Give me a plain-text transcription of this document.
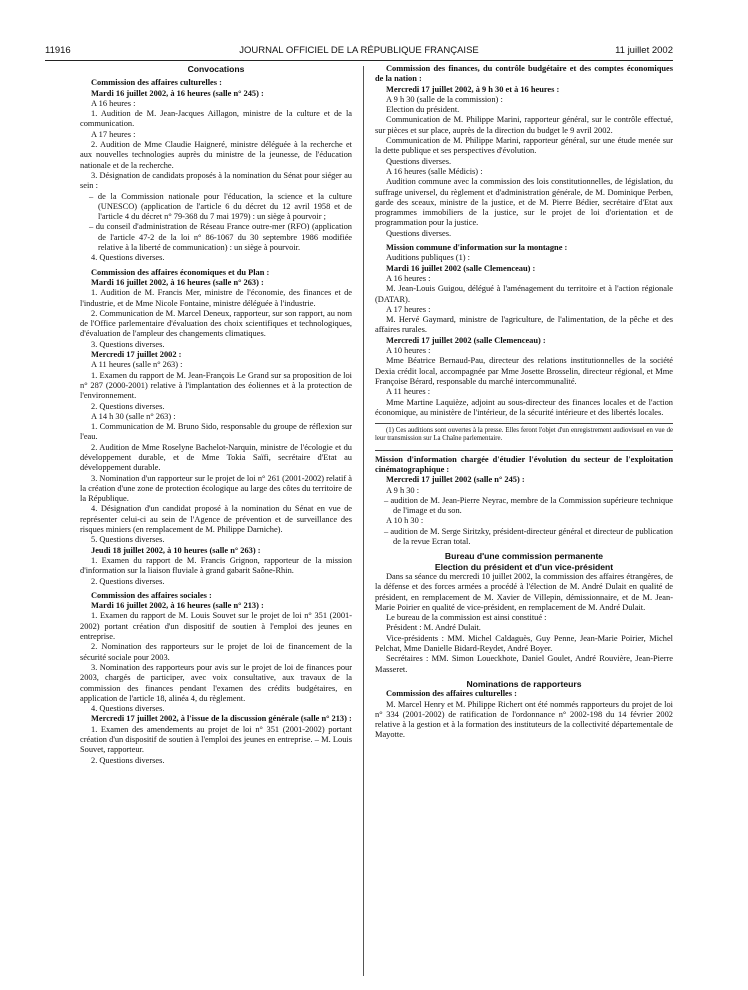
11916	JOURNAL OFFICIEL DE LA RÉPUBLIQUE FRANÇAISE	11 juillet 2002

Convocations

Commission des affaires culturelles :

Mardi 16 juillet 2002, à 16 heures (salle n° 245) :

A 16 heures :

1. Audition de M. Jean-Jacques Aillagon, ministre de la culture et de la communication.

A 17 heures :

2. Audition de Mme Claudie Haigneré, ministre déléguée à la recherche et aux nouvelles technologies auprès du ministre de la jeunesse, de l'éducation nationale et de la recherche.

3. Désignation de candidats proposés à la nomination du Sénat pour siéger au sein :

– de la Commission nationale pour l'éducation, la science et la culture (UNESCO) (application de l'article 6 du décret du 12 avril 1958 et de l'article 4 du décret n° 79-368 du 7 mai 1979) : un siège à pourvoir ;

– du conseil d'administration de Réseau France outre-mer (RFO) (application de l'article 47-2 de la loi n° 86-1067 du 30 septembre 1986 modifiée relative à la liberté de communication) : un siège à pourvoir.

4. Questions diverses.

Commission des affaires économiques et du Plan :

Mardi 16 juillet 2002, à 16 heures (salle n° 263) :

1. Audition de M. Francis Mer, ministre de l'économie, des finances et de l'industrie, et de Mme Nicole Fontaine, ministre déléguée à l'industrie.

2. Communication de M. Marcel Deneux, rapporteur, sur son rapport, au nom de l'Office parlementaire d'évaluation des choix scientifiques et technologiques, d'évaluation de l'ampleur des changements climatiques.

3. Questions diverses.

Mercredi 17 juillet 2002 :

A 11 heures (salle n° 263) :

1. Examen du rapport de M. Jean-François Le Grand sur sa proposition de loi n° 287 (2000-2001) relative à l'implantation des éoliennes et à la protection de l'environnement.

2. Questions diverses.

A 14 h 30 (salle n° 263) :

1. Communication de M. Bruno Sido, responsable du groupe de réflexion sur l'eau.

2. Audition de Mme Roselyne Bachelot-Narquin, ministre de l'écologie et du développement durable, et de Mme Tokia Saïfi, secrétaire d'Etat au développement durable.

3. Nomination d'un rapporteur sur le projet de loi n° 261 (2001-2002) relatif à la création d'une zone de protection écologique au large des côtes du territoire de la République.

4. Désignation d'un candidat proposé à la nomination du Sénat en vue de représenter celui-ci au sein de l'Agence de prévention et de surveillance des risques miniers (en remplacement de M. Philippe Darniche).

5. Questions diverses.

Jeudi 18 juillet 2002, à 10 heures (salle n° 263) :

1. Examen du rapport de M. Francis Grignon, rapporteur de la mission d'information sur la liaison fluviale à grand gabarit Saône-Rhin.

2. Questions diverses.

Commission des affaires sociales :

Mardi 16 juillet 2002, à 16 heures (salle n° 213) :

1. Examen du rapport de M. Louis Souvet sur le projet de loi n° 351 (2001-2002) portant création d'un dispositif de soutien à l'emploi des jeunes en entreprise.

2. Nomination des rapporteurs sur le projet de loi de financement de la sécurité sociale pour 2003.

3. Nomination des rapporteurs pour avis sur le projet de loi de finances pour 2003, chargés de participer, avec voix consultative, aux travaux de la commission des finances pendant l'examen des crédits budgétaires, en application de l'article 18, alinéa 4, du règlement.

4. Questions diverses.

Mercredi 17 juillet 2002, à l'issue de la discussion générale (salle n° 213) :

1. Examen des amendements au projet de loi n° 351 (2001-2002) portant création d'un dispositif de soutien à l'emploi des jeunes en entreprise. – M. Louis Souvet, rapporteur.

2. Questions diverses.

Commission des finances, du contrôle budgétaire et des comptes économiques de la nation :

Mercredi 17 juillet 2002, à 9 h 30 et à 16 heures :

A 9 h 30 (salle de la commission) :

Election du président.

Communication de M. Philippe Marini, rapporteur général, sur le contrôle effectué, sur pièces et sur place, auprès de la direction du budget le 9 avril 2002.

Communication de M. Philippe Marini, rapporteur général, sur une étude menée sur la dette publique et ses perspectives d'évolution.

Questions diverses.

A 16 heures (salle Médicis) :

Audition commune avec la commission des lois constitutionnelles, de législation, du suffrage universel, du règlement et d'administration générale, de M. Dominique Perben, garde des sceaux, ministre de la justice, et de M. Pierre Bédier, secrétaire d'Etat aux programmes immobiliers de la justice, sur le projet de loi d'orientation et de programmation pour la justice.

Questions diverses.

Mission commune d'information sur la montagne :

Auditions publiques (1) :

Mardi 16 juillet 2002 (salle Clemenceau) :

A 16 heures :

M. Jean-Louis Guigou, délégué à l'aménagement du territoire et à l'action régionale (DATAR).

A 17 heures :

M. Hervé Gaymard, ministre de l'agriculture, de l'alimentation, de la pêche et des affaires rurales.

Mercredi 17 juillet 2002 (salle Clemenceau) :

A 10 heures :

Mme Béatrice Bernaud-Pau, directeur des relations institutionnelles de la société Dexia crédit local, accompagnée par Mme Josette Brosselin, directeur régional, et Mme Françoise Bérard, responsable du marché intercommunalité.

A 11 heures :

Mme Martine Laquièze, adjoint au sous-directeur des finances locales et de l'action économique, au ministère de l'intérieur, de la sécurité intérieure et des libertés locales.

(1) Ces auditions sont ouvertes à la presse. Elles feront l'objet d'un enregistrement audiovisuel en vue de leur transmission sur La Chaîne parlementaire.

Mission d'information chargée d'étudier l'évolution du secteur de l'exploitation cinématographique :

Mercredi 17 juillet 2002 (salle n° 245) :

A 9 h 30 :

– audition de M. Jean-Pierre Neyrac, membre de la Commission supérieure technique de l'image et du son.

A 10 h 30 :

– audition de M. Serge Siritzky, président-directeur général et directeur de publication de la revue Ecran total.

Bureau d'une commission permanente

Election du président et d'un vice-président

Dans sa séance du mercredi 10 juillet 2002, la commission des affaires étrangères, de la défense et des forces armées a procédé à l'élection de M. André Dulait en qualité de président, en remplacement de M. Xavier de Villepin, démissionnaire, et de M. Jean-Marie Poirier en qualité de vice-président, en remplacement de M. André Dulait.

Le bureau de la commission est ainsi constitué :

Président : M. André Dulait.

Vice-présidents : MM. Michel Caldaguès, Guy Penne, Jean-Marie Poirier, Michel Pelchat, Mme Danielle Bidard-Reydet, André Boyer.

Secrétaires : MM. Simon Loueckhote, Daniel Goulet, André Rouvière, Jean-Pierre Masseret.

Nominations de rapporteurs

Commission des affaires culturelles :

M. Marcel Henry et M. Philippe Richert ont été nommés rapporteurs du projet de loi n° 334 (2001-2002) de ratification de l'ordonnance n° 2002-198 du 14 février 2002 relative à la gestion et à la formation des instituteurs de la collectivité départementale de Mayotte.
